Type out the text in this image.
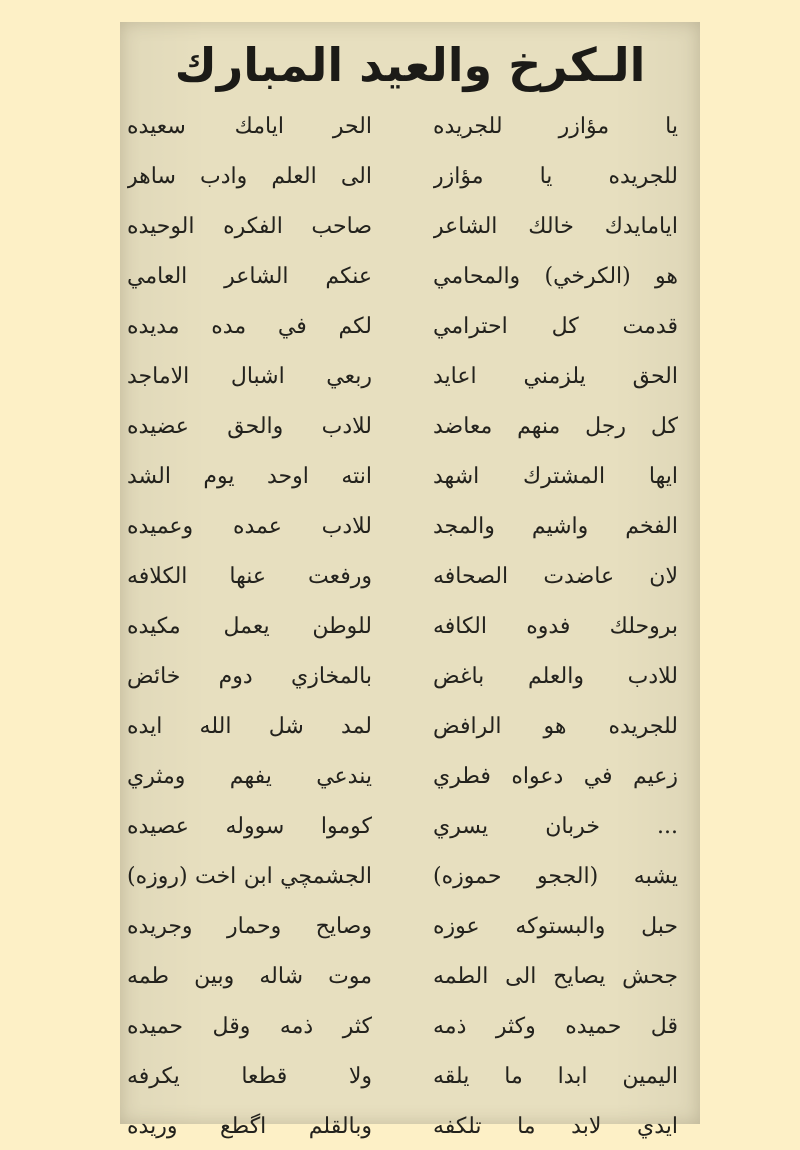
الـكرخ والعيد المبارك
يا مؤازر للجريده
الحر ايامك سعيده
للجريده يا مؤازر
الى العلم وادب ساهر
ايامايدك خالك الشاعر
صاحب الفكره الوحيده
هو (الكرخي) والمحامي
عنكم الشاعر العامي
قدمت كل احترامي
لكم في مده مديده
الحق يلزمني اعايد
ربعي اشبال الاماجد
كل رجل منهم معاضد
للادب والحق عضيده
ايها المشترك اشهد
انته اوحد يوم الشد
الفخم واشيم والمجد
للادب عمده وعميده
لان عاضدت الصحافه
ورفعت عنها الكلافه
بروحلك فدوه الكافه
للوطن يعمل مكيده
للادب والعلم باغض
بالمخازي دوم خائض
للجريده هو الرافض
لمد شل الله ايده
زعيم في دعواه فطري
يندعي يفهم ومثري
... خربان يسري
كوموا سووله عصيده
يشبه (الججو حموزه)
الجشمچي ابن اخت (روزه)
حبل والبستوكه عوزه
وصايح وحمار وجريده
جحش يصايح الى الطمه
موت شاله وبين طمه
قل حميده وكثر ذمه
كثر ذمه وقل حميده
اليمين ابدا ما يلقه
ولا قطعا يكرفه
ايدي لابد ما تلكفه
وبالقلم اگطع وريده
